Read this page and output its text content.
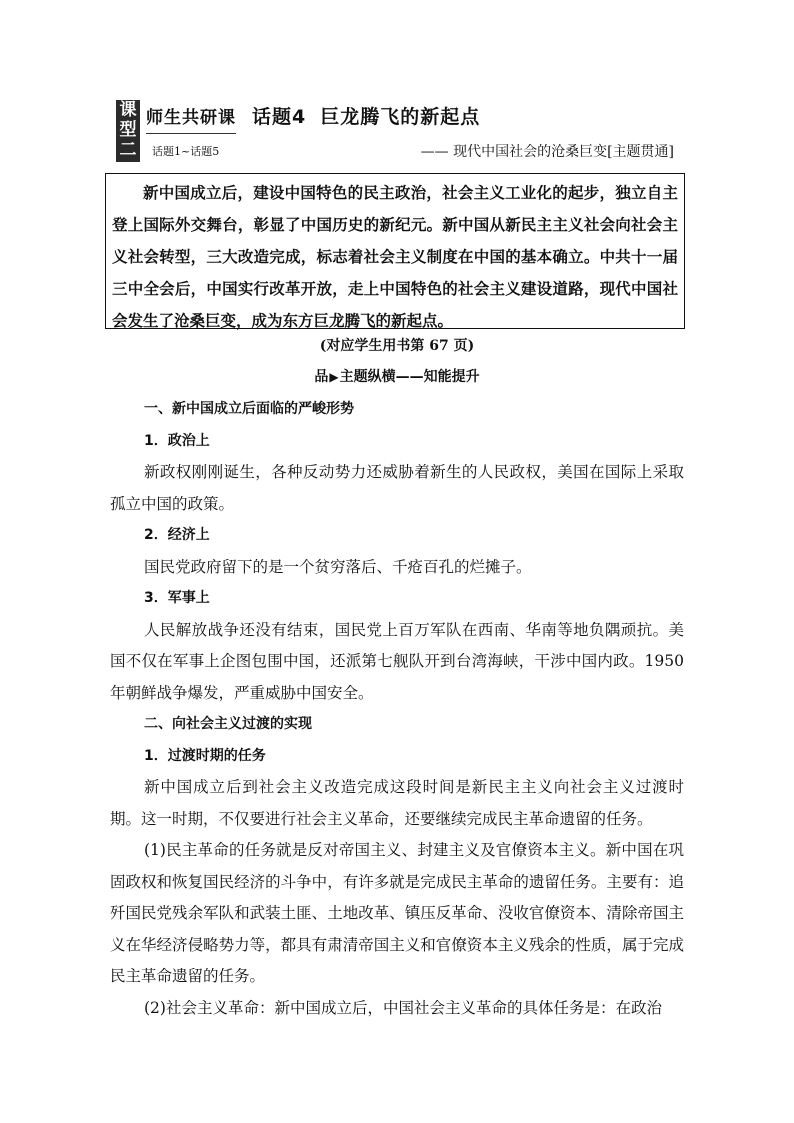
课
型
二
师生共研课
话题1~话题5
话题4 巨龙腾飞的新起点
—— 现代中国社会的沧桑巨变[主题贯通]
新中国成立后，建设中国特色的民主政治，社会主义工业化的起步，独立自主登上国际外交舞台，彰显了中国历史的新纪元。新中国从新民主主义社会向社会主义社会转型，三大改造完成，标志着社会主义制度在中国的基本确立。中共十一届三中全会后，中国实行改革开放，走上中国特色的社会主义建设道路，现代中国社会发生了沧桑巨变，成为东方巨龙腾飞的新起点。
(对应学生用书第 67 页)
品▶主题纵横——知能提升

一、新中国成立后面临的严峻形势

1．政治上

新政权刚刚诞生，各种反动势力还威胁着新生的人民政权，美国在国际上采取孤立中国的政策。

2．经济上

国民党政府留下的是一个贫穷落后、千疮百孔的烂摊子。

3．军事上

人民解放战争还没有结束，国民党上百万军队在西南、华南等地负隅顽抗。美国不仅在军事上企图包围中国，还派第七舰队开到台湾海峡，干涉中国内政。1950 年朝鲜战争爆发，严重威胁中国安全。

二、向社会主义过渡的实现

1．过渡时期的任务

新中国成立后到社会主义改造完成这段时间是新民主主义向社会主义过渡时期。这一时期，不仅要进行社会主义革命，还要继续完成民主革命遗留的任务。

(1)民主革命的任务就是反对帝国主义、封建主义及官僚资本主义。新中国在巩固政权和恢复国民经济的斗争中，有许多就是完成民主革命的遗留任务。主要有：追歼国民党残余军队和武装土匪、土地改革、镇压反革命、没收官僚资本、清除帝国主义在华经济侵略势力等，都具有肃清帝国主义和官僚资本主义残余的性质，属于完成民主革命遗留的任务。

(2)社会主义革命：新中国成立后，中国社会主义革命的具体任务是：在政治
